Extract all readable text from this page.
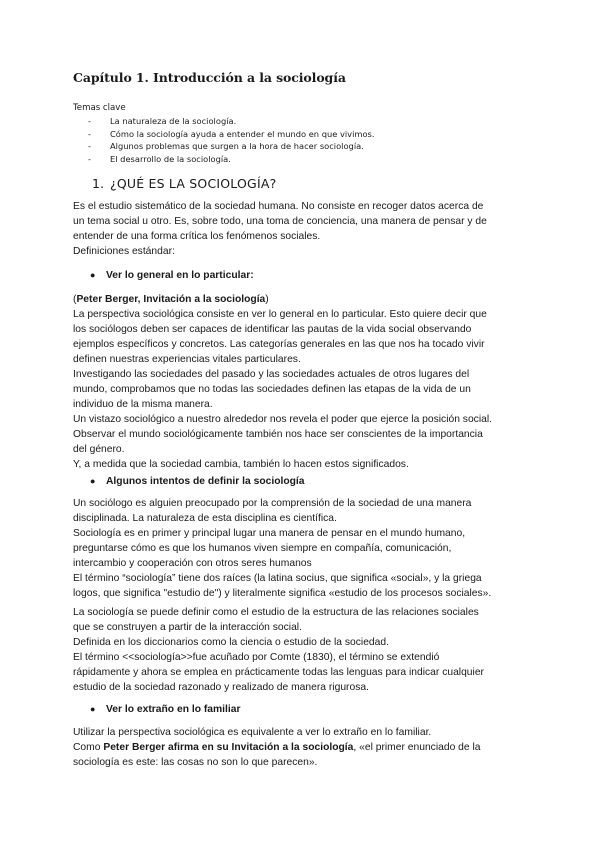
Capítulo 1. Introducción a la sociología
Temas clave
- La naturaleza de la sociología.
- Cómo la sociología ayuda a entender el mundo en que vivimos.
- Algunos problemas que surgen a la hora de hacer sociología.
- El desarrollo de la sociología.
1. ¿QUÉ ES LA SOCIOLOGÍA?

Es el estudio sistemático de la sociedad humana. No consiste en recoger datos acerca de

un tema social u otro. Es, sobre todo, una toma de conciencia, una manera de pensar y de

entender de una forma crítica los fenómenos sociales.

Definiciones estándar:

● Ver lo general en lo particular:

(Peter Berger, Invitación a la sociología)

La perspectiva sociológica consiste en ver lo general en lo particular. Esto quiere decir que

los sociólogos deben ser capaces de identificar las pautas de la vida social observando

ejemplos específicos y concretos. Las categorías generales en las que nos ha tocado vivir

definen nuestras experiencias vitales particulares.

Investigando las sociedades del pasado y las sociedades actuales de otros lugares del

mundo, comprobamos que no todas las sociedades definen las etapas de la vida de un

individuo de la misma manera.

Un vistazo sociológico a nuestro alrededor nos revela el poder que ejerce la posición social.

Observar el mundo sociológicamente también nos hace ser conscientes de la importancia

del género.

Y, a medida que la sociedad cambia, también lo hacen estos significados.

● Algunos intentos de definir la sociología

Un sociólogo es alguien preocupado por la comprensión de la sociedad de una manera

disciplinada. La naturaleza de esta disciplina es científica.

Sociología es en primer y principal lugar una manera de pensar en el mundo humano,

preguntarse cómo es que los humanos viven siempre en compañía, comunicación,

intercambio y cooperación con otros seres humanos

El término “sociología” tiene dos raíces (la latina socius, que significa «social», y la griega

logos, que significa "estudio de") y literalmente significa «estudio de los procesos sociales».

La sociología se puede definir como el estudio de la estructura de las relaciones sociales

que se construyen a partir de la interacción social.

Definida en los diccionarios como la ciencia o estudio de la sociedad.

El término <<sociología>>fue acuñado por Comte (1830), el término se extendió

rápidamente y ahora se emplea en prácticamente todas las lenguas para indicar cualquier

estudio de la sociedad razonado y realizado de manera rigurosa.

● Ver lo extraño en lo familiar

Utilizar la perspectiva sociológica es equivalente a ver lo extraño en lo familiar.

Como Peter Berger afirma en su Invitación a la sociología, «el primer enunciado de la

sociología es este: las cosas no son lo que parecen».
